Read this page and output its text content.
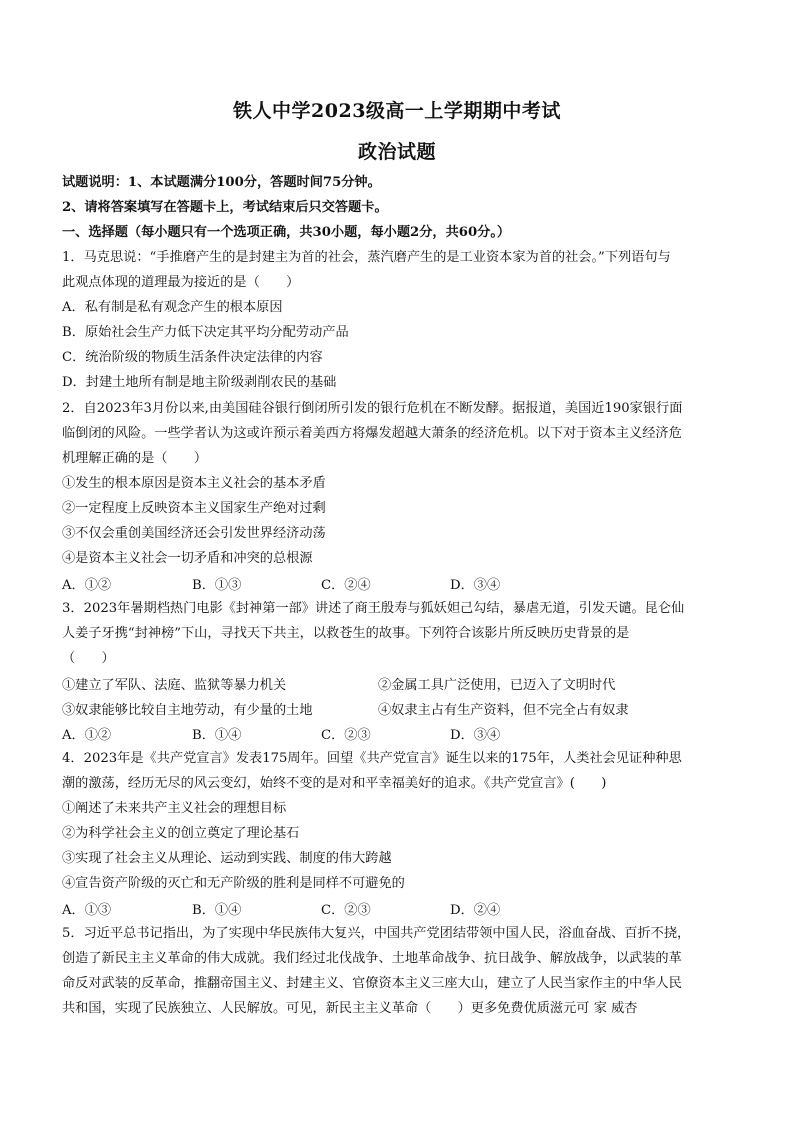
铁人中学2023级高一上学期期中考试
政治试题
试题说明：1、本试题满分100分，答题时间75分钟。
2、请将答案填写在答题卡上，考试结束后只交答题卡。
一、选择题（每小题只有一个选项正确，共30小题，每小题2分，共60分。）
1．马克思说：“手推磨产生的是封建主为首的社会，蒸汽磨产生的是工业资本家为首的社会。”下列语句与
此观点体现的道理最为接近的是（　　）
A．私有制是私有观念产生的根本原因
B．原始社会生产力低下决定其平均分配劳动产品
C．统治阶级的物质生活条件决定法律的内容
D．封建土地所有制是地主阶级剥削农民的基础
2．自2023年3月份以来,由美国硅谷银行倒闭所引发的银行危机在不断发酵。据报道，美国近190家银行面
临倒闭的风险。一些学者认为这或许预示着美西方将爆发超越大萧条的经济危机。以下对于资本主义经济危
机理解正确的是（　　）
①发生的根本原因是资本主义社会的基本矛盾
②一定程度上反映资本主义国家生产绝对过剩
③不仅会重创美国经济还会引发世界经济动荡
④是资本主义社会一切矛盾和冲突的总根源
A．①②	B．①③	C．②④	D．③④
3．2023年暑期档热门电影《封神第一部》讲述了商王殷寿与狐妖妲己勾结，暴虐无道，引发天谴。昆仑仙
人姜子牙携“封神榜”下山，寻找天下共主，以救苍生的故事。下列符合该影片所反映历史背景的是
（　　）
①建立了军队、法庭、监狱等暴力机关	②金属工具广泛使用，已迈入了文明时代
③奴隶能够比较自主地劳动，有少量的土地	④奴隶主占有生产资料，但不完全占有奴隶
A．①②	B．①④	C．②③	D．③④
4．2023年是《共产党宣言》发表175周年。回望《共产党宣言》诞生以来的175年，人类社会见证种种思
潮的激荡，经历无尽的风云变幻，始终不变的是对和平幸福美好的追求。《共产党宣言》(　　)
①阐述了未来共产主义社会的理想目标
②为科学社会主义的创立奠定了理论基石
③实现了社会主义从理论、运动到实践、制度的伟大跨越
④宣告资产阶级的灭亡和无产阶级的胜利是同样不可避免的
A．①③	B．①④	C．②③	D．②④
5．习近平总书记指出，为了实现中华民族伟大复兴，中国共产党团结带领中国人民，浴血奋战、百折不挠，
创造了新民主主义革命的伟大成就。我们经过北伐战争、土地革命战争、抗日战争、解放战争，以武装的革
命反对武装的反革命，推翻帝国主义、封建主义、官僚资本主义三座大山，建立了人民当家作主的中华人民
共和国，实现了民族独立、人民解放。可见，新民主主义革命（　　）更多免费优质滋元可 家 威杏
